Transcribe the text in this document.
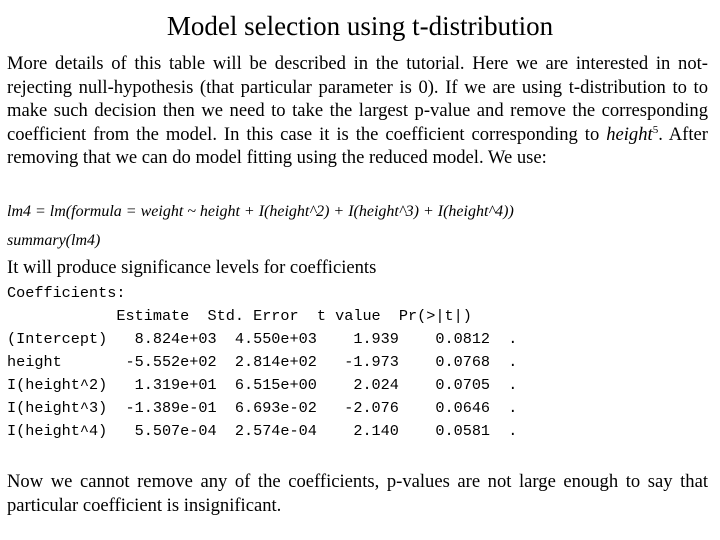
Model selection using t-distribution
More details of this table will be described in the tutorial. Here we are interested in not-rejecting null-hypothesis (that particular parameter is 0). If we are using t-distribution to to make such decision then we need to take the largest p-value and remove the corresponding coefficient from the model. In this case it is the coefficient corresponding to height$^5$. After removing that we can do model fitting using the reduced model. We use:
lm4 = lm(formula = weight ~ height + I(height^2) + I(height^3) + I(height^4))
summary(lm4)
It will produce significance levels for coefficients
Coefficients:
Estimate  Std. Error  t value  Pr(>|t|)
(Intercept)   8.824e+03  4.550e+03    1.939    0.0812  .
height       -5.552e+02  2.814e+02   -1.973    0.0768  .
I(height^2)   1.319e+01  6.515e+00    2.024    0.0705  .
I(height^3)  -1.389e-01  6.693e-02   -2.076    0.0646  .
I(height^4)   5.507e-04  2.574e-04    2.140    0.0581  .
Now we cannot remove any of the coefficients, p-values are not large enough to say that particular coefficient is insignificant.
